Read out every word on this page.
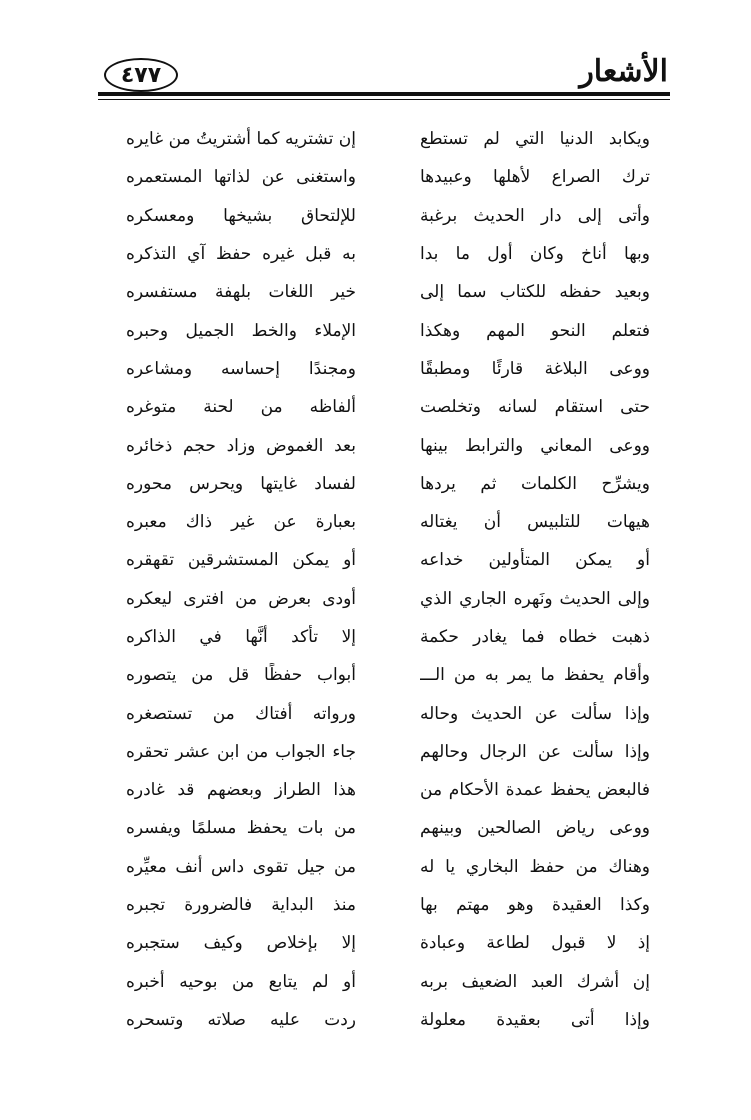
الأشعار
٤٧٧
ويكابد الدنيا التي لم تستطع
إن تشتريه كما أشتريتُ من غايره
ترك الصراع لأهلها وعبيدها
واستغنى عن لذاتها المستعمره
وأتى إلى دار الحديث برغبة
للإلتحاق بشيخها ومعسكره
وبها أناخ وكان أول ما بدا
به قبل غيره حفظ آي التذكره
وبعيد حفظه للكتاب سما إلى
خير اللغات بلهفة مستفسره
فتعلم النحو المهم وهكذا
الإملاء والخط الجميل وحبره
ووعى البلاغة قارئًا ومطبقًا
ومجندًا إحساسه ومشاعره
حتى استقام لسانه وتخلصت
ألفاظه من لحنة متوغره
ووعى المعاني والترابط بينها
بعد الغموض وزاد حجم ذخائره
ويشرِّح الكلمات ثم يردها
لفساد غايتها ويحرس محوره
هيهات للتلبيس أن يغتاله
بعبارة عن غير ذاك معبره
أو يمكن المتأولين خداعه
أو يمكن المستشرقين تقهقره
وإلى الحديث ونَهره الجاري الذي
أودى بعرض من افترى ليعكره
ذهبت خطاه فما يغادر حكمة
إلا تأكد أنَّها في الذاكره
وأقام يحفظ ما يمر به من الـــ
أبواب حفظًا قل من يتصوره
وإذا سألت عن الحديث وحاله
ورواته أفتاك من تستصغره
وإذا سألت عن الرجال وحالهم
جاء الجواب من ابن عشر تحقره
فالبعض يحفظ عمدة الأحكام من
هذا الطراز وبعضهم قد غادره
ووعى رياض الصالحين وبينهم
من بات يحفظ مسلمًا ويفسره
وهناك من حفظ البخاري يا له
من جيل تقوى داس أنف معيِّره
وكذا العقيدة وهو مهتم بها
منذ البداية فالضرورة تجبره
إذ لا قبول لطاعة وعبادة
إلا بإخلاص وكيف ستجبره
إن أشرك العبد الضعيف بربه
أو لم يتابع من بوحيه أخبره
وإذا أتى بعقيدة معلولة
ردت عليه صلاته وتسحره
